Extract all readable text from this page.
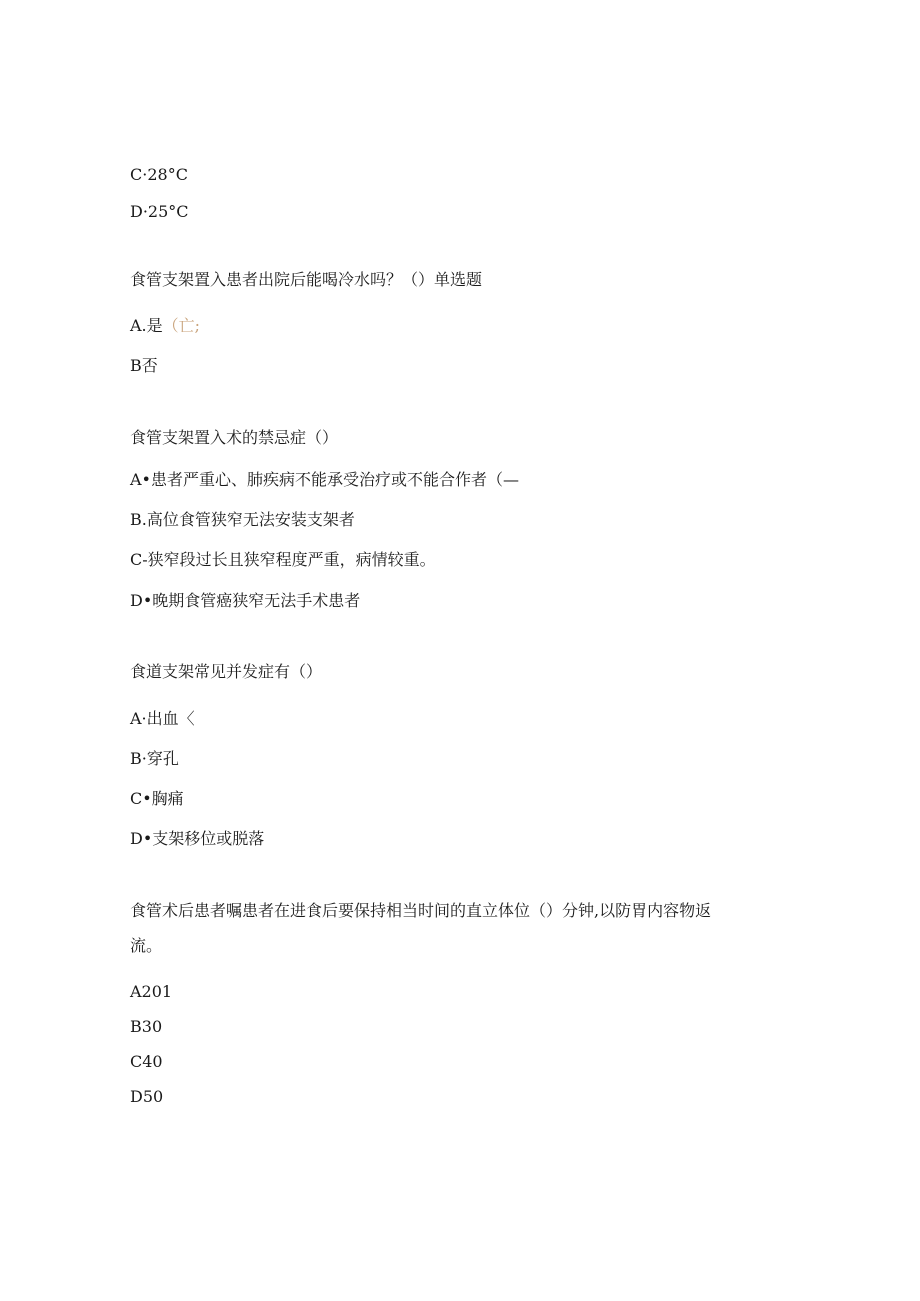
C·28°C
D·25°C
食管支架置入患者出院后能喝冷水吗？（）单选题
A.是（亡;
B否
食管支架置入术的禁忌症（）
A•患者严重心、肺疾病不能承受治疗或不能合作者（—
B.高位食管狭窄无法安装支架者
C-狭窄段过长且狭窄程度严重，病情较重。
D•晚期食管癌狭窄无法手术患者
食道支架常见并发症有（）
A·出血〈
B·穿孔
C•胸痛
D•支架移位或脱落
食管术后患者嘱患者在进食后要保持相当时间的直立体位（）分钟,以防胃内容物返
流。
A201
B30
C40
D50
